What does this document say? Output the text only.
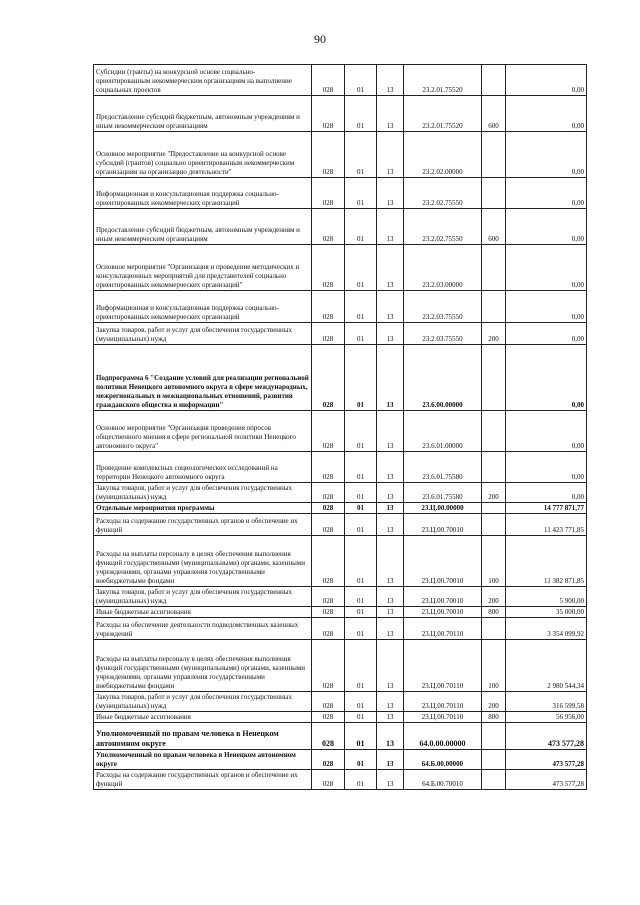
90
Субсидии (гранты) на конкурсной основе социально-ориентированным некоммерческим организациям на выполнение социальных проектов	028	01	13	23.2.01.75520		0,00
Предоставление субсидий бюджетным, автономным учреждениям и иным некоммерческим организациям	028	01	13	23.2.01.75520	600	0,00
Основное мероприятие "Предоставление на конкурсной основе субсидий (грантов) социально ориентированным некоммерческим организациям на организацию деятельности"	028	01	13	23.2.02.00000		0,00
Информационная и консультационная поддержка социально-ориентированных некоммерческих организаций	028	01	13	23.2.02.75550		0,00
Предоставление субсидий бюджетным, автономным учреждениям и иным некоммерческим организациям	028	01	13	23.2.02.75550	600	0,00
Основное мероприятие "Организация и проведение методических и консультационных мероприятий для представителей социально ориентированных некоммерческих организаций"	028	01	13	23.2.03.00000		0,00
Информационная и консультационная поддержка социально-ориентированных некоммерческих организаций	028	01	13	23.2.03.75550		0,00
Закупка товаров, работ и услуг для обеспечения государственных (муниципальных) нужд	028	01	13	23.2.03.75550	200	0,00
Подпрограмма 6 "Создание условий для реализации региональной политики Ненецкого автономного округа в сфере международных, межрегиональных и межнациональных отношений, развития гражданского общества и информации"	028	01	13	23.6.00.00000		0,00
Основное мероприятие "Организация проведения опросов общественного мнения в сфере региональной политики Ненецкого автономного округа"	028	01	13	23.6.01.00000		0,00
Проведение комплексных социологических исследований на территории Ненецкого автономного округа	028	01	13	23.6.01.75580		0,00
Закупка товаров, работ и услуг для обеспечения государственных (муниципальных) нужд	028	01	13	23.6.01.75580	200	0,00
Отдельные мероприятия программы	028	01	13	23.Ц.00.00000		14 777 871,77
Расходы на содержание государственных органов и обеспечение их функций	028	01	13	23.Ц.00.70010		11 423 771,85
Расходы на выплаты персоналу в целях обеспечения выполнения функций государственными (муниципальными) органами, казенными учреждениями, органами управления государственными внебюджетными фондами	028	01	13	23.Ц.00.70010	100	11 382 871,85
Закупка товаров, работ и услуг для обеспечения государственных (муниципальных) нужд	028	01	13	23.Ц.00.70010	200	5 900,00
Иные бюджетные ассигнования	028	01	13	23.Ц.00.70010	800	35 000,00
Расходы на обеспечение деятельности подведомственных казенных учреждений	028	01	13	23.Ц.00.70110		3 354 099,92
Расходы на выплаты персоналу в целях обеспечения выполнения функций государственными (муниципальными) органами, казенными учреждениями, органами управления государственными внебюджетными фондами	028	01	13	23.Ц.00.70110	100	2 980 544,34
Закупка товаров, работ и услуг для обеспечения государственных (муниципальных) нужд	028	01	13	23.Ц.00.70110	200	316 599,58
Иные бюджетные ассигнования	028	01	13	23.Ц.00.70110	800	56 956,00
Уполномоченный по правам человека в Ненецком автономном округе	028	01	13	64.0.00.00000		473 577,28
Уполномоченный по правам человека в Ненецком автономном округе	028	01	13	64.Б.00.00000		473 577,28
Расходы на содержание государственных органов и обеспечение их функций	028	01	13	64.Б.00.70010		473 577,28
